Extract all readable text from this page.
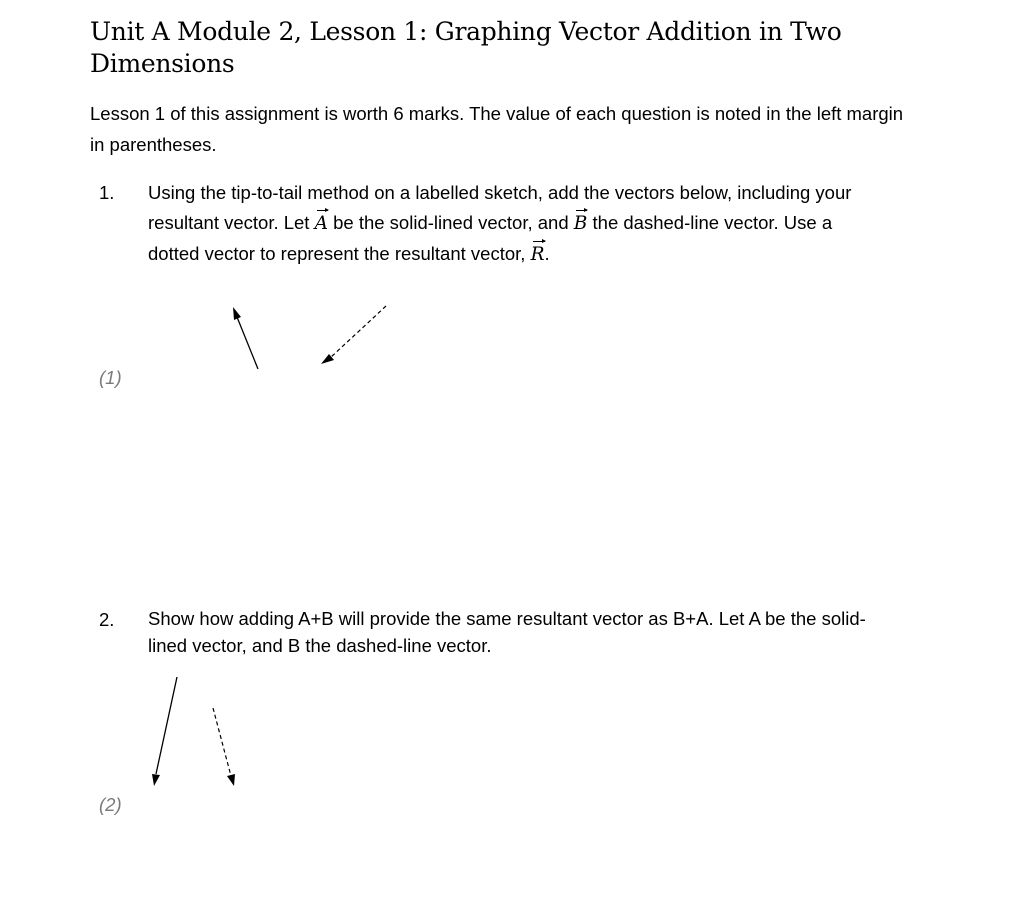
Unit A Module 2, Lesson 1: Graphing Vector Addition in Two Dimensions

Lesson 1 of this assignment is worth 6 marks. The value of each question is noted in the left margin in parentheses.

1. Using the tip-to-tail method on a labelled sketch, add the vectors below, including your resultant vector. Let A be the solid-lined vector, and B the dashed-line vector. Use a dotted vector to represent the resultant vector, R.

(1)

2. Show how adding A+B will provide the same resultant vector as B+A. Let A be the solid-lined vector, and B the dashed-line vector.

(2)
